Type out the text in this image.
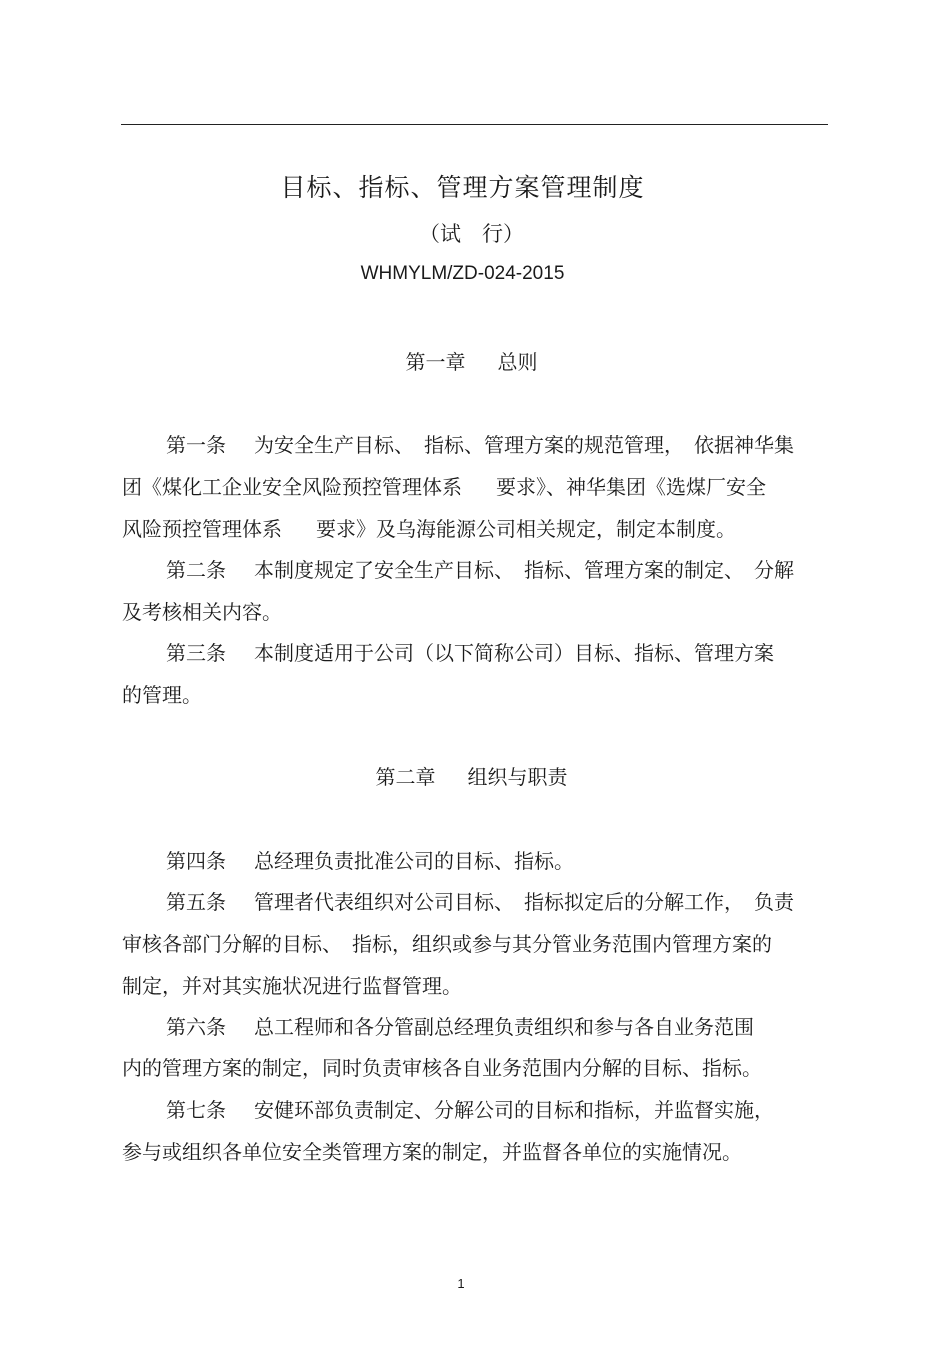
目标、指标、管理方案管理制度
（试　行）
WHMYLM/ZD-024-2015
第一章 总则
第一条 为安全生产目标、 指标、管理方案的规范管理， 依据神华集
团《煤化工企业安全风险预控管理体系 要求》、神华集团《选煤厂安全
风险预控管理体系 要求》及乌海能源公司相关规定，制定本制度。
第二条 本制度规定了安全生产目标、 指标、管理方案的制定、 分解
及考核相关内容。
第三条 本制度适用于公司（以下简称公司）目标、指标、管理方案
的管理。
第二章 组织与职责
第四条 总经理负责批准公司的目标、指标。
第五条 管理者代表组织对公司目标、 指标拟定后的分解工作， 负责
审核各部门分解的目标、 指标，组织或参与其分管业务范围内管理方案的
制定，并对其实施状况进行监督管理。
第六条 总工程师和各分管副总经理负责组织和参与各自业务范围
内的管理方案的制定，同时负责审核各自业务范围内分解的目标、指标。
第七条 安健环部负责制定、分解公司的目标和指标，并监督实施，
参与或组织各单位安全类管理方案的制定，并监督各单位的实施情况。
1
